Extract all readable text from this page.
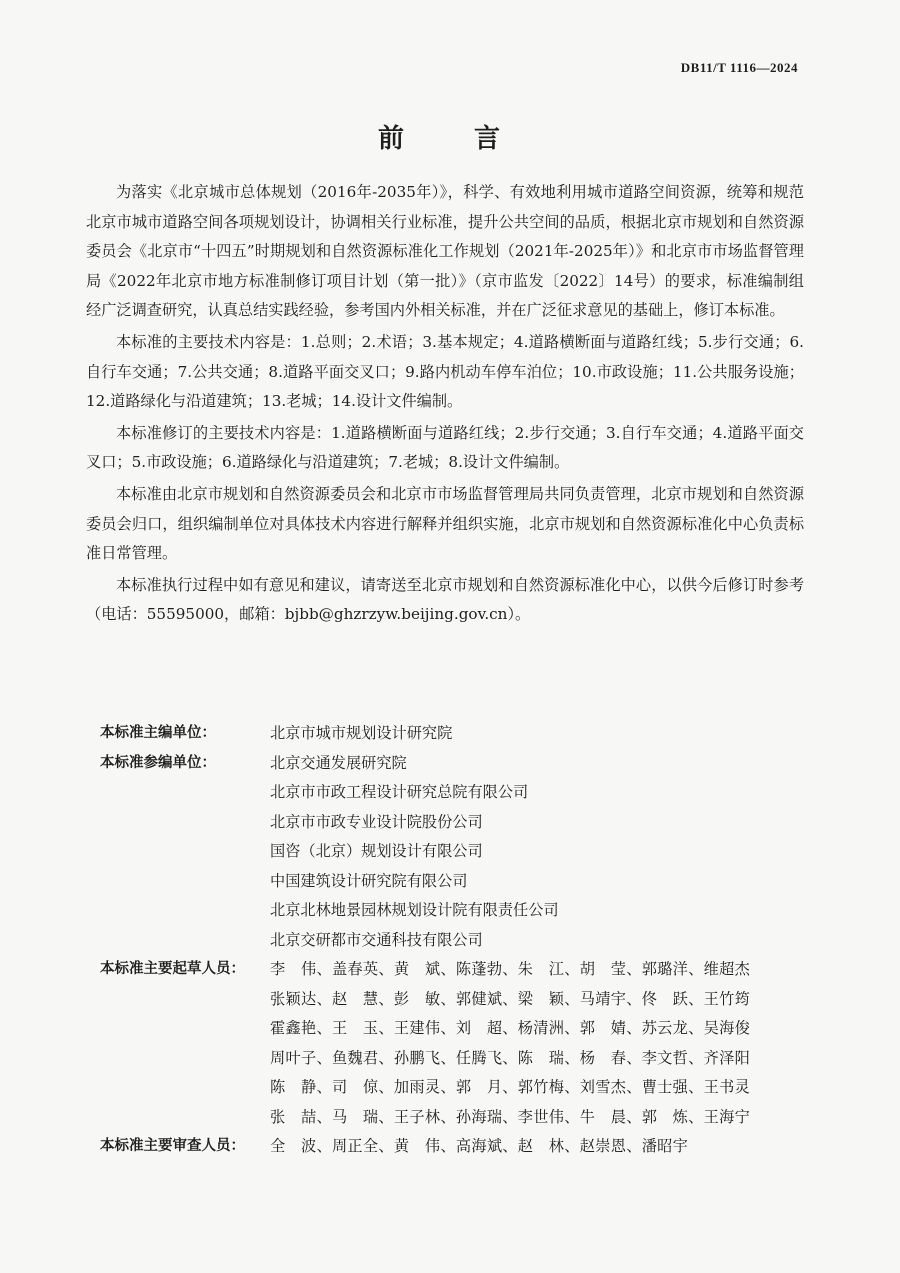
DB11/T 1116—2024
前　言

为落实《北京城市总体规划（2016年-2035年）》，科学、有效地利用城市道路空间资源，统筹和规范北京市城市道路空间各项规划设计，协调相关行业标准，提升公共空间的品质，根据北京市规划和自然资源委员会《北京市“十四五”时期规划和自然资源标准化工作规划（2021年-2025年）》和北京市市场监督管理局《2022年北京市地方标准制修订项目计划（第一批）》（京市监发〔2022〕14号）的要求，标准编制组经广泛调查研究，认真总结实践经验，参考国内外相关标准，并在广泛征求意见的基础上，修订本标准。

本标准的主要技术内容是：1.总则；2.术语；3.基本规定；4.道路横断面与道路红线；5.步行交通；6.自行车交通；7.公共交通；8.道路平面交叉口；9.路内机动车停车泊位；10.市政设施；11.公共服务设施；12.道路绿化与沿道建筑；13.老城；14.设计文件编制。

本标准修订的主要技术内容是：1.道路横断面与道路红线；2.步行交通；3.自行车交通；4.道路平面交叉口；5.市政设施；6.道路绿化与沿道建筑；7.老城；8.设计文件编制。

本标准由北京市规划和自然资源委员会和北京市市场监督管理局共同负责管理，北京市规划和自然资源委员会归口，组织编制单位对具体技术内容进行解释并组织实施，北京市规划和自然资源标准化中心负责标准日常管理。

本标准执行过程中如有意见和建议，请寄送至北京市规划和自然资源标准化中心，以供今后修订时参考（电话：55595000，邮箱：bjbb@ghzrzyw.beijing.gov.cn）。

本标准主编单位：	北京市城市规划设计研究院
本标准参编单位：	北京交通发展研究院
北京市市政工程设计研究总院有限公司
北京市市政专业设计院股份公司
国咨（北京）规划设计有限公司
中国建筑设计研究院有限公司
北京北林地景园林规划设计院有限责任公司
北京交研都市交通科技有限公司
本标准主要起草人员：	李　伟、盖春英、黄　斌、陈蓬勃、朱　江、胡　莹、郭璐洋、维超杰
张颖达、赵　慧、彭　敏、郭健斌、梁　颖、马靖宇、佟　跃、王竹筠
霍鑫艳、王　玉、王建伟、刘　超、杨清洲、郭　婧、苏云龙、吴海俊
周叶子、鱼魏君、孙鹏飞、任腾飞、陈　瑞、杨　春、李文哲、齐泽阳
陈　静、司　倞、加雨灵、郭　月、郭竹梅、刘雪杰、曹士强、王书灵
张　喆、马　瑞、王子林、孙海瑞、李世伟、牛　晨、郭　炼、王海宁
本标准主要审查人员：	全　波、周正全、黄　伟、高海斌、赵　林、赵崇恩、潘昭宇
